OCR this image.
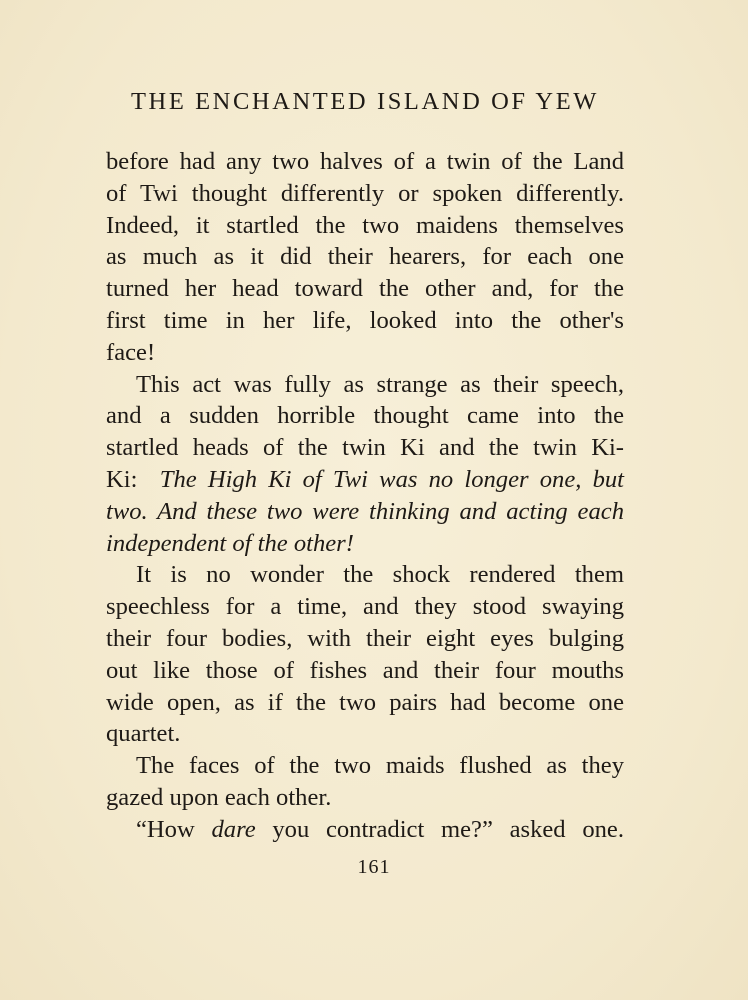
THE ENCHANTED ISLAND OF YEW
before had any two halves of a twin of the Land
of Twi thought differently or spoken differently.
Indeed, it startled the two maidens themselves
as much as it did their hearers, for each one
turned her head toward the other and, for the
first time in her life, looked into the other's
face!
This act was fully as strange as their speech,
and a sudden horrible thought came into the
startled heads of the twin Ki and the twin Ki-
Ki: The High Ki of Twi was no longer one, but
two. And these two were thinking and acting each
independent of the other!
It is no wonder the shock rendered them
speechless for a time, and they stood swaying
their four bodies, with their eight eyes bulging
out like those of fishes and their four mouths
wide open, as if the two pairs had become one
quartet.
The faces of the two maids flushed as they
gazed upon each other.
“How dare you contradict me?” asked one.
161
